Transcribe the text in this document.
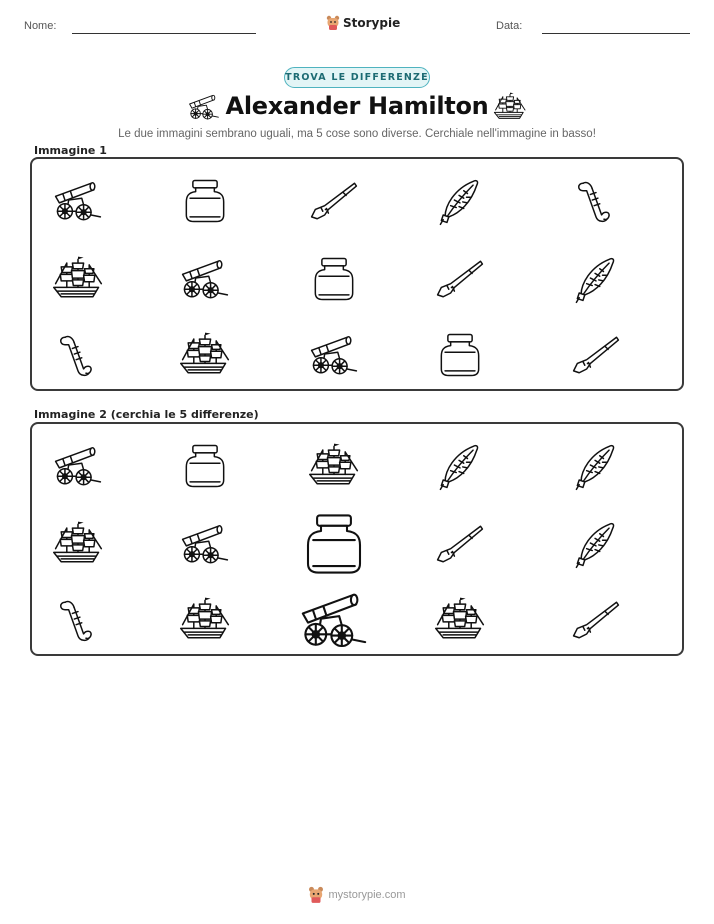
Nome:	Storypie	Data:
TROVA LE DIFFERENZE
Alexander Hamilton
Le due immagini sembrano uguali, ma 5 cose sono diverse. Cerchiale nell'immagine in basso!
Immagine 1
Immagine 2 (cerchia le 5 differenze)
mystorypie.com
